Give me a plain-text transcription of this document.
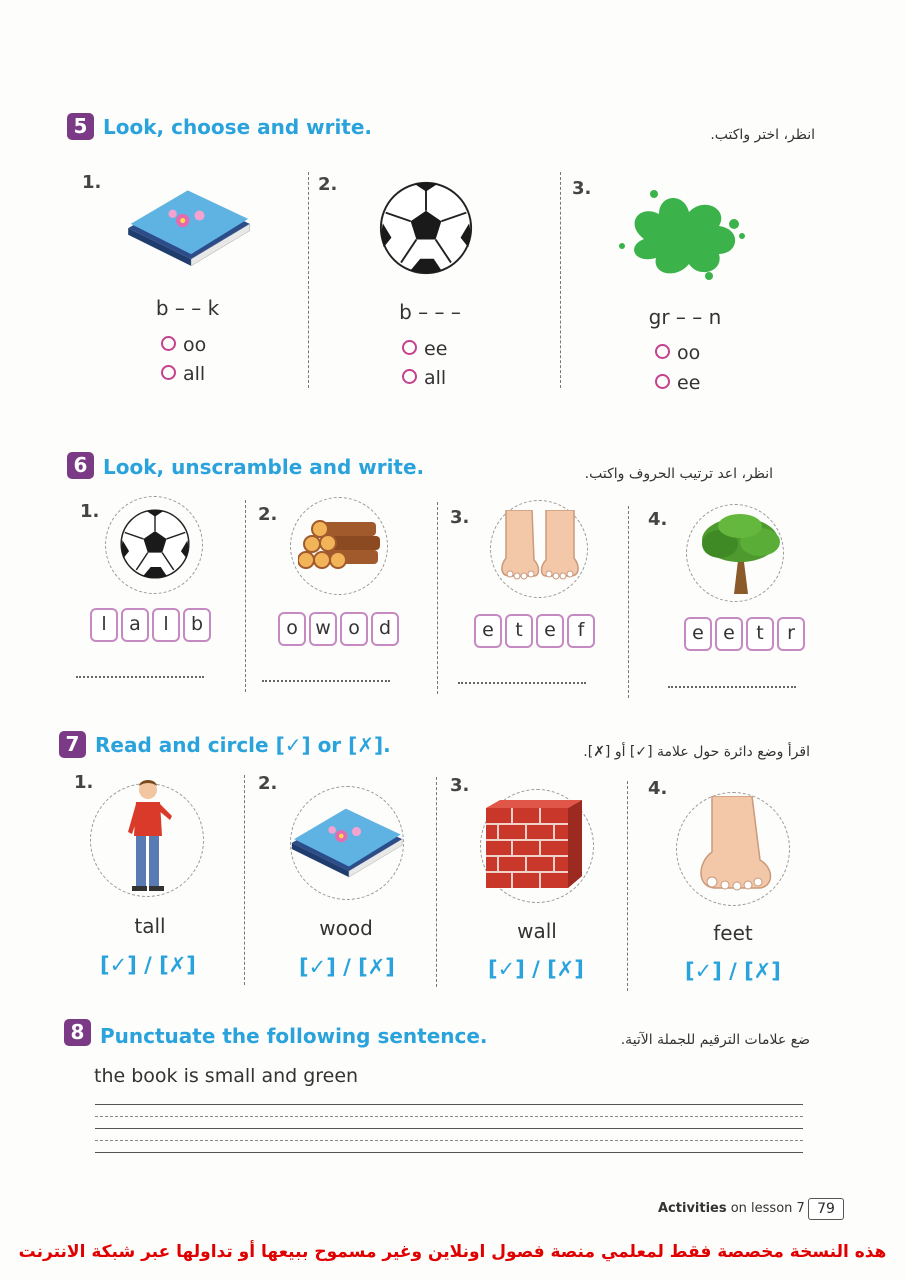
5 Look, choose and write.	انظر، اختر واكتب.
1.
b – – k
oo
all
2.
b – – –
ee
all
3.
gr – – n
oo
ee
6 Look, unscramble and write.	انظر، اعد ترتيب الحروف واكتب.
1.
l	a	l	b
2.
o w o	d
3.
e	t	e	f
4.
e	e	t	r
7 Read and circle [✓] or [✗].	اقرأ وضع دائرة حول علامة [✓] أو [✗].
1.
tall
[✓] / [✗]
2.
wood
[✓] / [✗]
3.
wall
[✓] / [✗]
4.
feet
[✓] / [✗]
8 Punctuate the following sentence.	ضع علامات الترقيم للجملة الآتية.
the book is small and green
Activities on lesson 7 79
هذه النسخة مخصصة فقط لمعلمي منصة فصول اونلاين وغير مسموح ببيعها أو تداولها عبر شبكة الانترنت
